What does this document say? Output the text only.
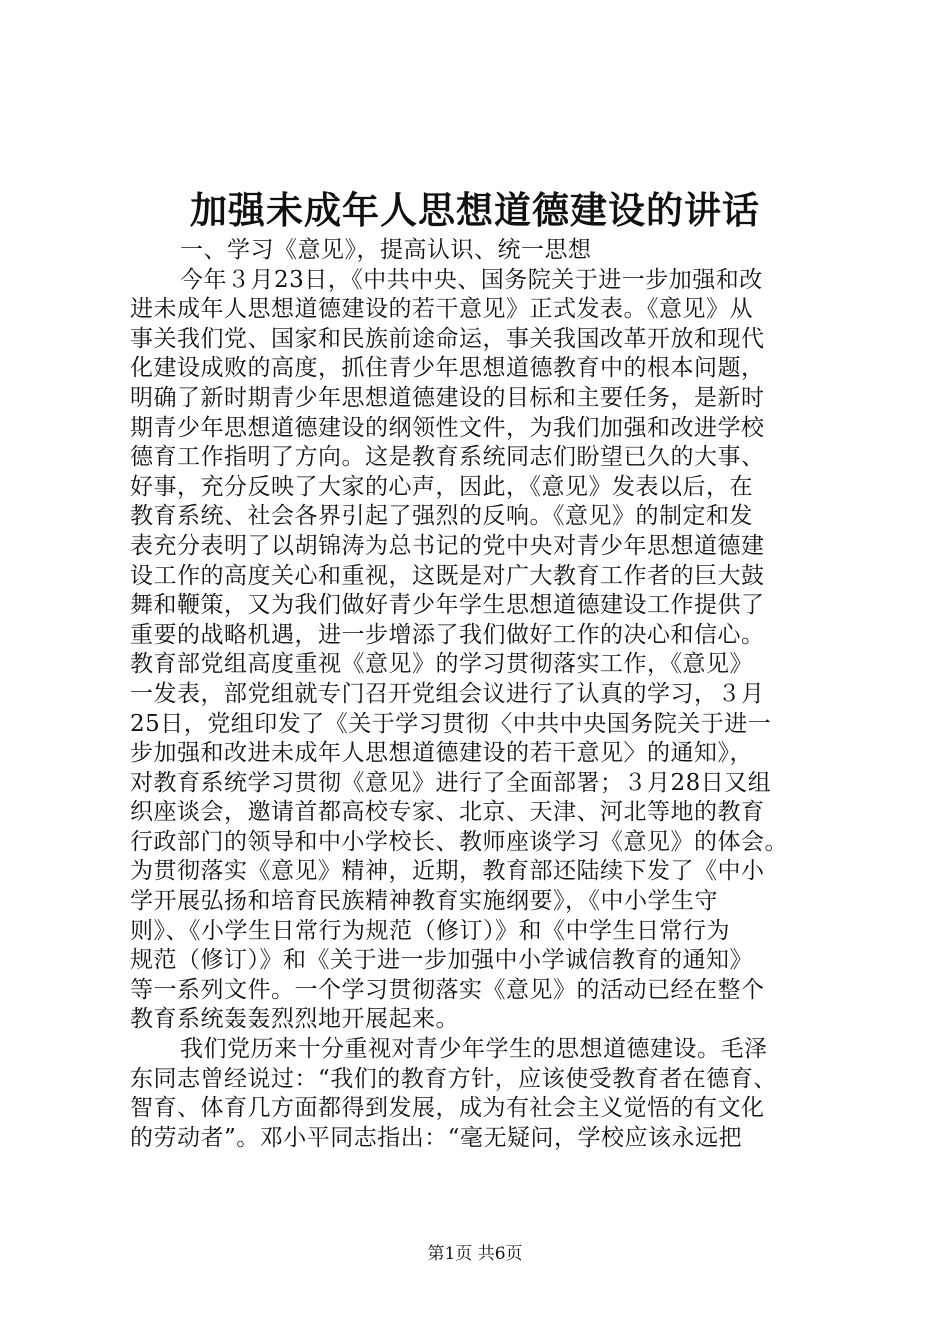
加强未成年人思想道德建设的讲话
一、学习《意见》，提高认识、统一思想
今年３月23日，《中共中央、国务院关于进一步加强和改
进未成年人思想道德建设的若干意见》正式发表。《意见》从
事关我们党、国家和民族前途命运，事关我国改革开放和现代
化建设成败的高度，抓住青少年思想道德教育中的根本问题，
明确了新时期青少年思想道德建设的目标和主要任务，是新时
期青少年思想道德建设的纲领性文件，为我们加强和改进学校
德育工作指明了方向。这是教育系统同志们盼望已久的大事、
好事，充分反映了大家的心声，因此，《意见》发表以后，在
教育系统、社会各界引起了强烈的反响。《意见》的制定和发
表充分表明了以胡锦涛为总书记的党中央对青少年思想道德建
设工作的高度关心和重视，这既是对广大教育工作者的巨大鼓
舞和鞭策，又为我们做好青少年学生思想道德建设工作提供了
重要的战略机遇，进一步增添了我们做好工作的决心和信心。
教育部党组高度重视《意见》的学习贯彻落实工作，《意见》
一发表，部党组就专门召开党组会议进行了认真的学习，３月
25日，党组印发了《关于学习贯彻〈中共中央国务院关于进一
步加强和改进未成年人思想道德建设的若干意见〉的通知》，
对教育系统学习贯彻《意见》进行了全面部署；３月28日又组
织座谈会，邀请首都高校专家、北京、天津、河北等地的教育
行政部门的领导和中小学校长、教师座谈学习《意见》的体会。
为贯彻落实《意见》精神，近期，教育部还陆续下发了《中小
学开展弘扬和培育民族精神教育实施纲要》，《中小学生守
则》、《小学生日常行为规范（修订）》和《中学生日常行为
规范（修订）》和《关于进一步加强中小学诚信教育的通知》
等一系列文件。一个学习贯彻落实《意见》的活动已经在整个
教育系统轰轰烈烈地开展起来。
我们党历来十分重视对青少年学生的思想道德建设。毛泽
东同志曾经说过：“我们的教育方针，应该使受教育者在德育、
智育、体育几方面都得到发展，成为有社会主义觉悟的有文化
的劳动者”。邓小平同志指出：“毫无疑问，学校应该永远把
第1页 共6页
